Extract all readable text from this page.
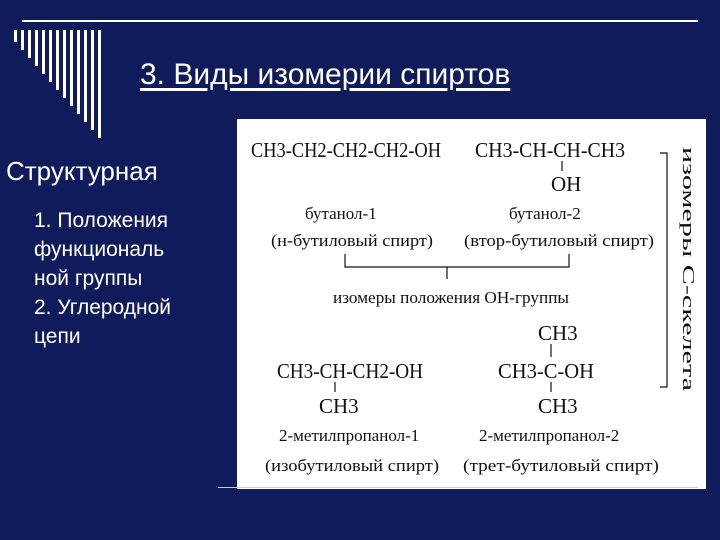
3. Виды изомерии спиртов
Структурная
1. Положения
функциональ
ной группы
2. Углеродной
цепи
CH3-CH2-CH2-CH2-OH CH3-CH-CH-CH3
OH
бутанол-1
(н-бутиловый спирт)
бутанол-2
(втор-бутиловый спирт)
изомеры положения OH-группы
CH3-CH-CH2-OH
CH3
CH3
CH3-C-OH
CH3
2-метилпропанол-1
(изобутиловый спирт)
2-метилпропанол-2
(трет-бутиловый спирт)
изомеры С-скелета
